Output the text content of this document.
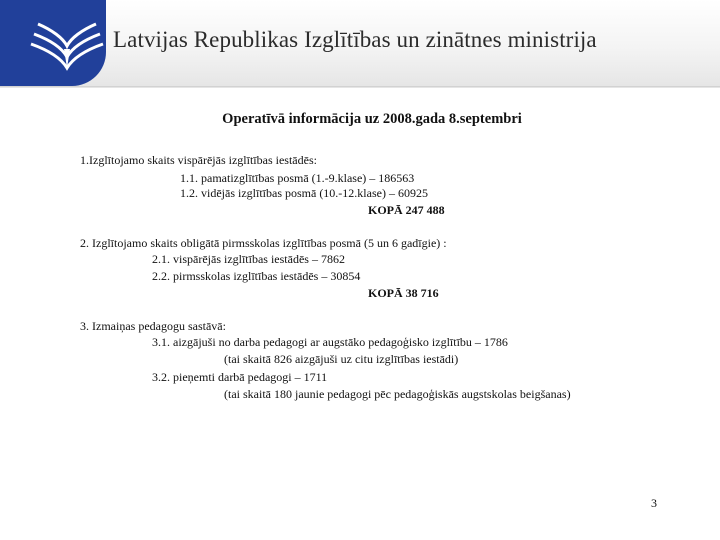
Latvijas Republikas Izglītības un zinātnes ministrija
Operatīvā informācija uz 2008.gada 8.septembri
1.Izglītojamo skaits vispārējās izglītības iestādēs:
1.1. pamatizglītības posmā (1.-9.klase) – 186563
1.2. vidējās izglītības posmā (10.-12.klase) – 60925
KOPĀ 247 488
2. Izglītojamo skaits obligātā pirmsskolas izglītības posmā (5 un 6 gadīgie) :
2.1. vispārējās izglītības iestādēs – 7862
2.2. pirmsskolas izglītības iestādēs – 30854
KOPĀ 38 716
3. Izmaiņas pedagogu sastāvā:
3.1. aizgājuši no darba pedagogi ar augstāko pedagoģisko izglītību – 1786
(tai skaitā 826 aizgājuši uz citu izglītības iestādi)
3.2. pieņemti darbā pedagogi – 1711
(tai skaitā 180 jaunie pedagogi pēc pedagoģiskās augstskolas beigšanas)
3
